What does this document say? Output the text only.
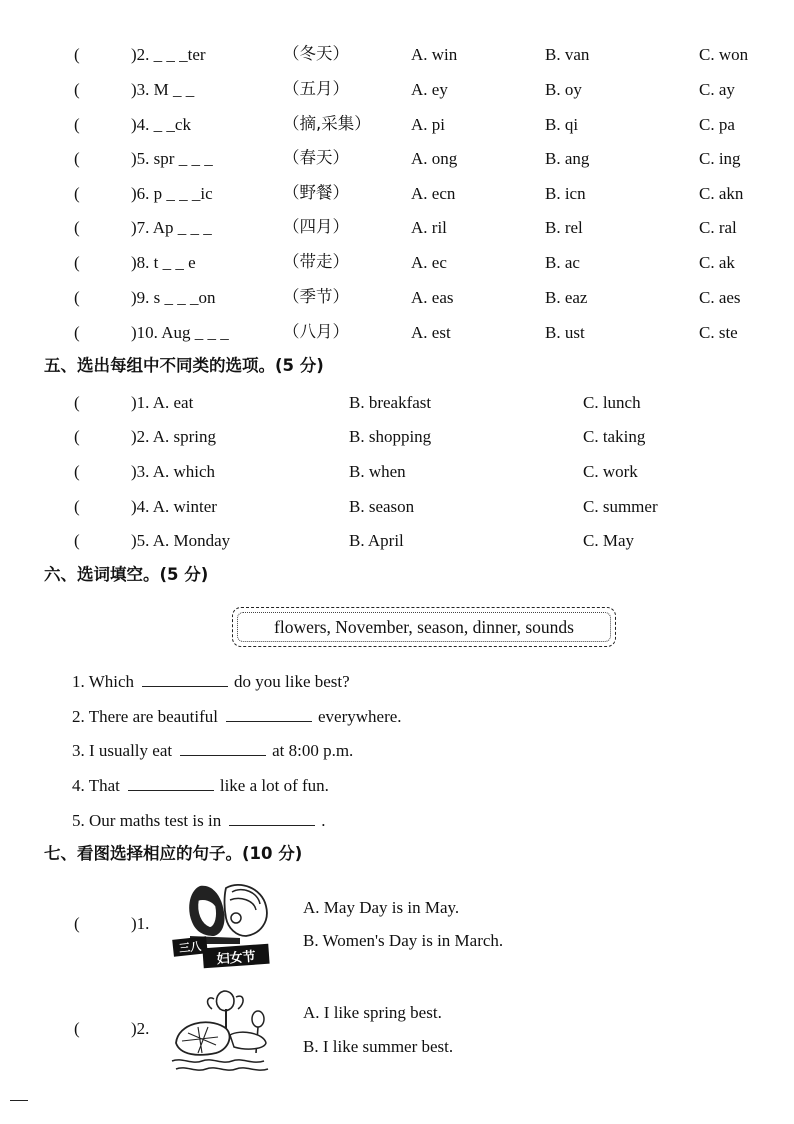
(	)2. _ _ _ter	（冬天）	A. win	B. van	C. won
(	)3. M _ _	（五月）	A. ey	B. oy	C. ay
(	)4. _ _ck	（摘,采集） A. pi	B. qi	C. pa
(	)5. spr _ _ _	（春天）	A. ong	B. ang	C. ing
(	)6. p _ _ _ic	（野餐）	A. ecn	B. icn	C. akn
(	)7. Ap _ _ _	（四月）	A. ril	B. rel	C. ral
(	)8. t _ _ e	（带走）	A. ec	B. ac	C. ak
(	)9. s _ _ _on	（季节）	A. eas	B. eaz	C. aes
(	)10. Aug _ _ _	（八月）	A. est	B. ust	C. ste
五、选出每组中不同类的选项。(5 分)
(	)1. A. eat	B. breakfast	C. lunch
(	)2. A. spring	B. shopping	C. taking
(	)3. A. which	B. when	C. work
(	)4. A. winter	B. season	C. summer
(	)5. A. Monday	B. April	C. May
六、选词填空。(5 分)
flowers, November, season, dinner, sounds
1. Which	do you like best?
2. There are beautiful	everywhere.
3. I usually eat	at 8:00 p.m.
4. That	like a lot of fun.
5. Our maths test is in	.
七、看图选择相应的句子。(10 分)
(	)1.
三八
妇女节
A. May Day is in May.
B. Women's Day is in March.
(	)2.
A. I like spring best.
B. I like summer best.
